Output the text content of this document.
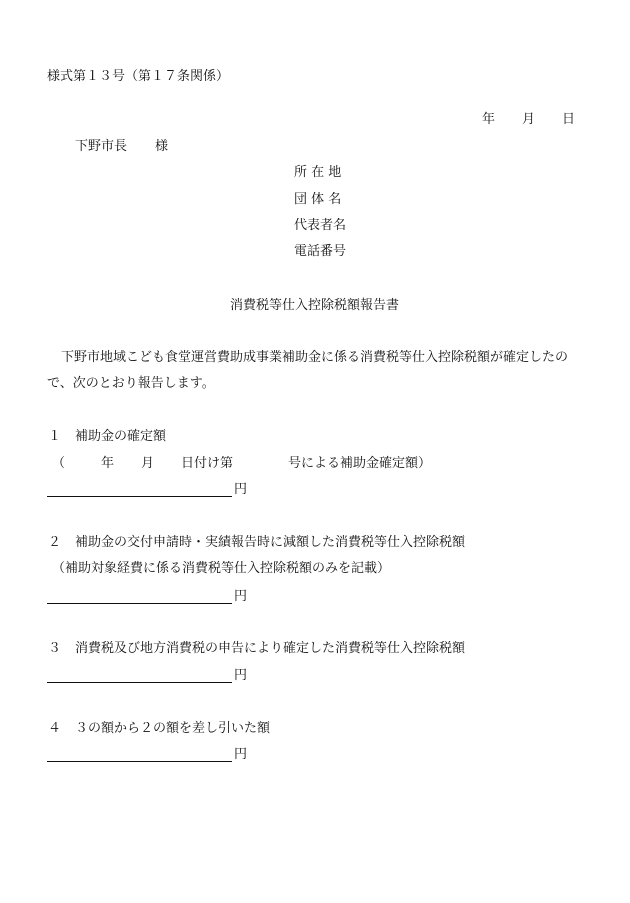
様式第１３号（第１７条関係）
年 月 日
下野市長 様
所 在 地
団 体 名
代表者名
電話番号
消費税等仕入控除税額報告書
下野市地域こども食堂運営費助成事業補助金に係る消費税等仕入控除税額が確定したの
で、次のとおり報告します。
１ 補助金の確定額
（	年 月 日付け第	号による補助金確定額）
円
２ 補助金の交付申請時・実績報告時に減額した消費税等仕入控除税額
（補助対象経費に係る消費税等仕入控除税額のみを記載）
円
３ 消費税及び地方消費税の申告により確定した消費税等仕入控除税額
円
４ ３の額から２の額を差し引いた額
円
